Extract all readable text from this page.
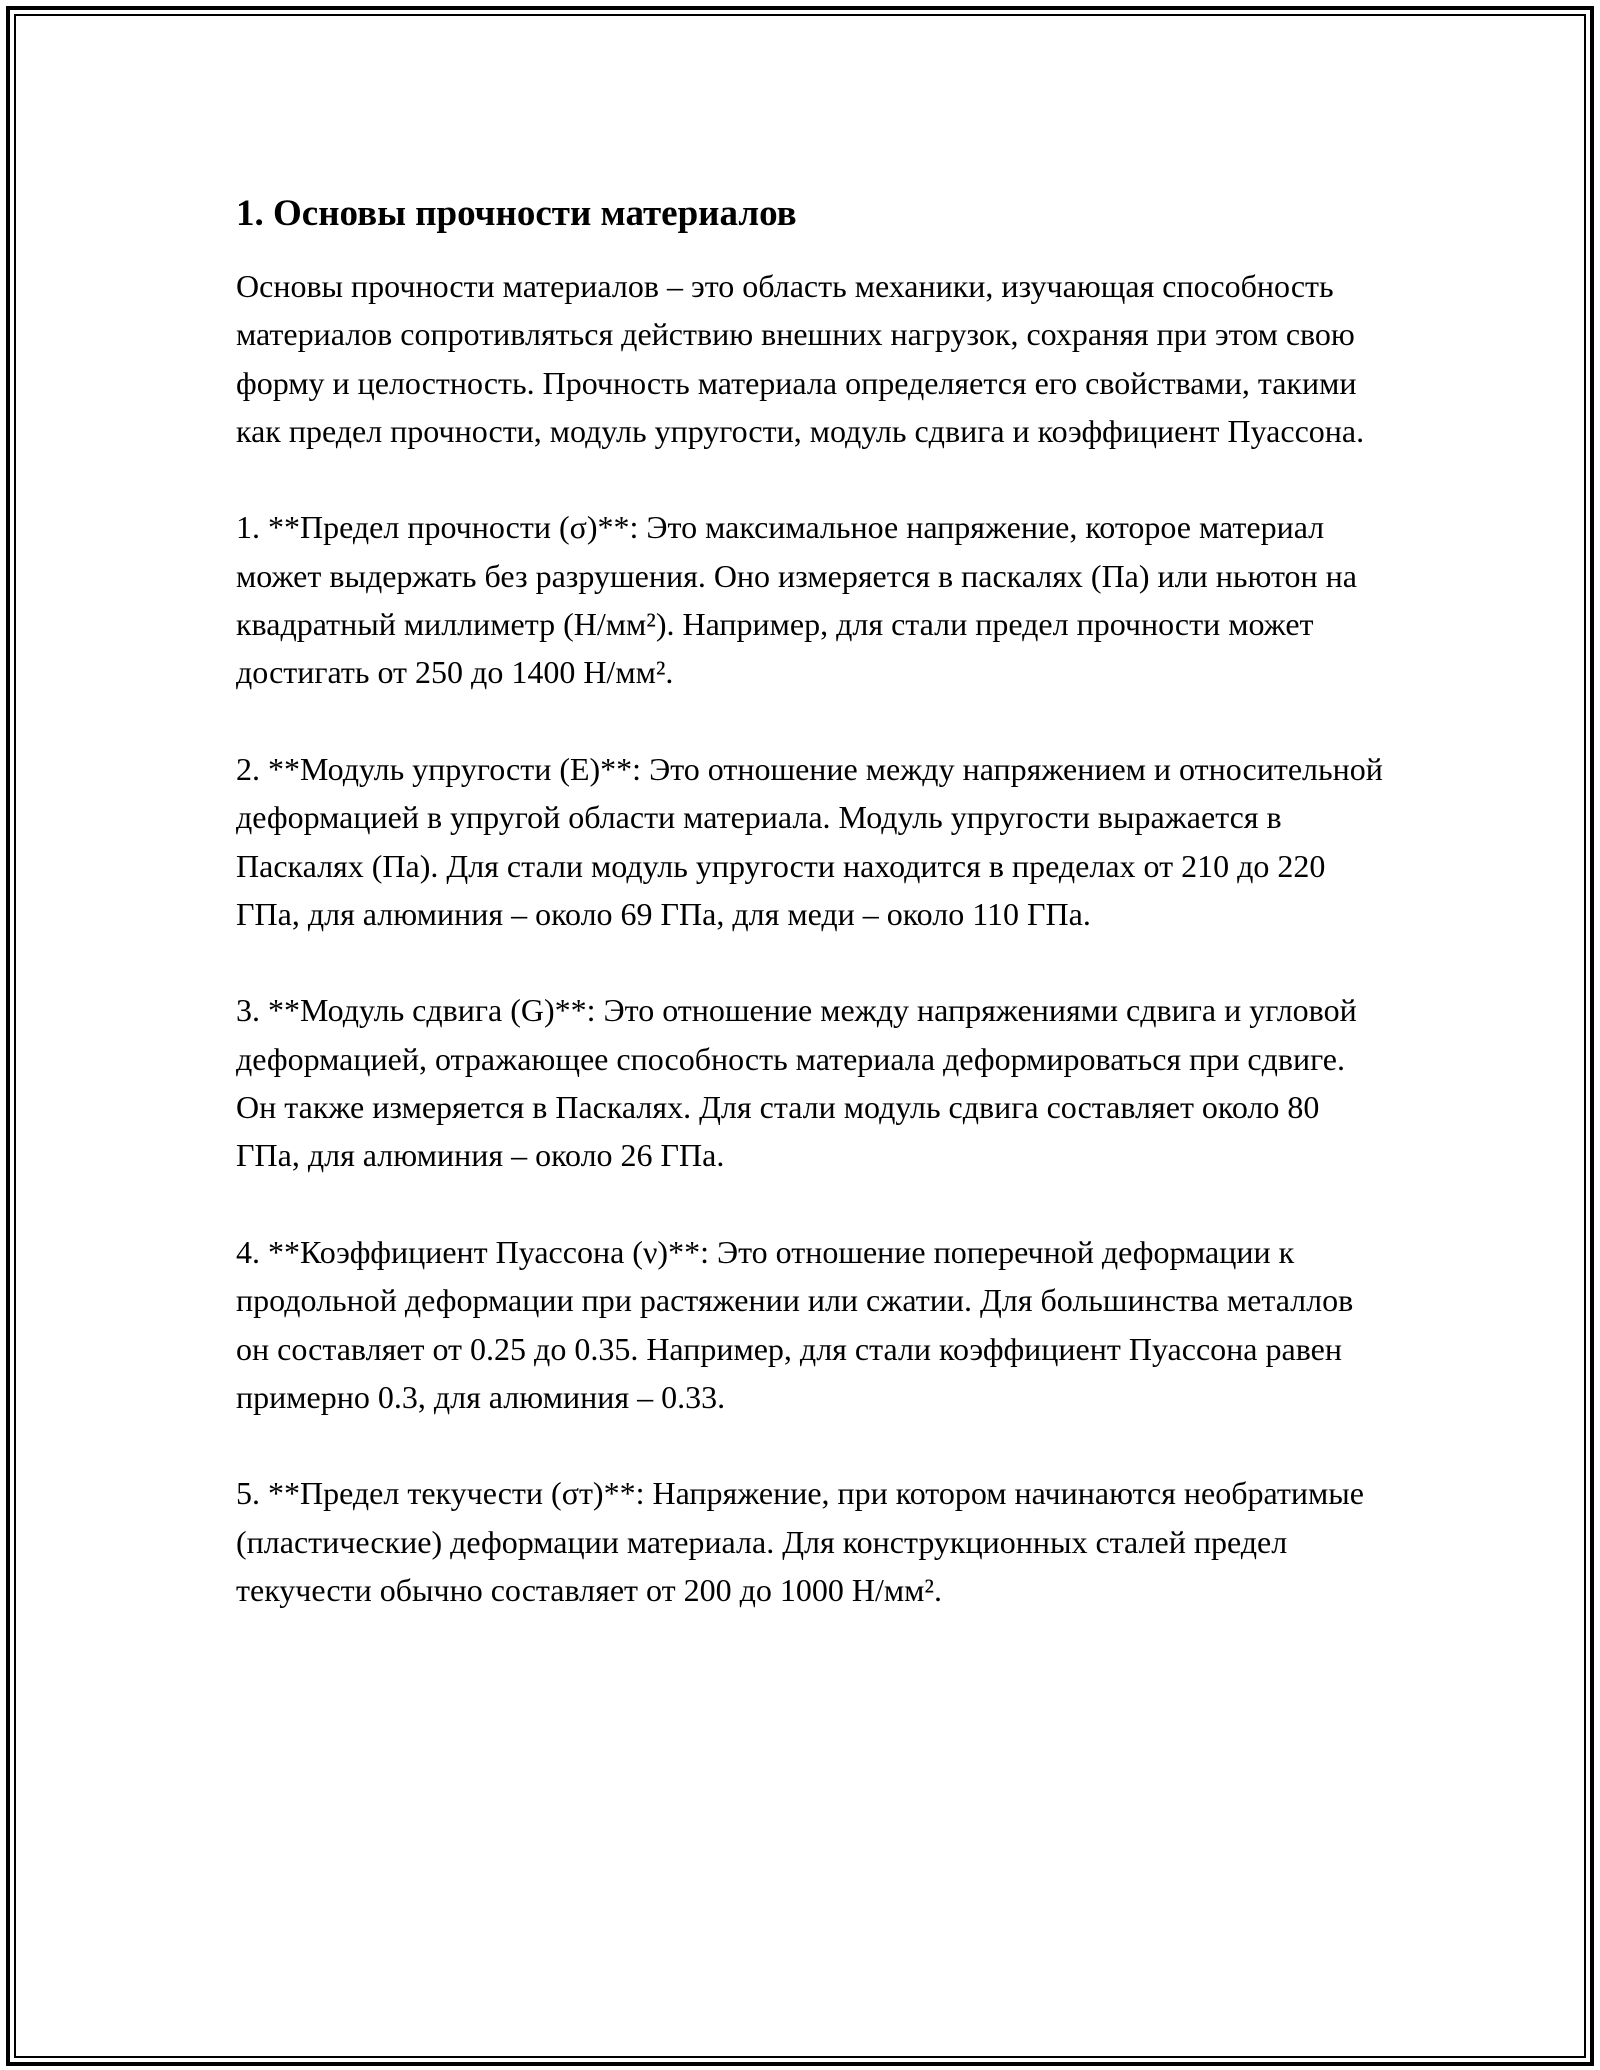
1. Основы прочности материалов

Основы прочности материалов – это область механики, изучающая способность материалов сопротивляться действию внешних нагрузок, сохраняя при этом свою форму и целостность. Прочность материала определяется его свойствами, такими как предел прочности, модуль упругости, модуль сдвига и коэффициент Пуассона.

1. **Предел прочности (σ)**: Это максимальное напряжение, которое материал может выдержать без разрушения. Оно измеряется в паскалях (Па) или ньютон на квадратный миллиметр (Н/мм²). Например, для стали предел прочности может достигать от 250 до 1400 Н/мм².

2. **Модуль упругости (E)**: Это отношение между напряжением и относительной деформацией в упругой области материала. Модуль упругости выражается в Паскалях (Па). Для стали модуль упругости находится в пределах от 210 до 220 ГПа, для алюминия – около 69 ГПа, для меди – около 110 ГПа.

3. **Модуль сдвига (G)**: Это отношение между напряжениями сдвига и угловой деформацией, отражающее способность материала деформироваться при сдвиге. Он также измеряется в Паскалях. Для стали модуль сдвига составляет около 80 ГПа, для алюминия – около 26 ГПа.

4. **Коэффициент Пуассона (ν)**: Это отношение поперечной деформации к продольной деформации при растяжении или сжатии. Для большинства металлов он составляет от 0.25 до 0.35. Например, для стали коэффициент Пуассона равен примерно 0.3, для алюминия – 0.33.

5. **Предел текучести (σт)**: Напряжение, при котором начинаются необратимые (пластические) деформации материала. Для конструкционных сталей предел текучести обычно составляет от 200 до 1000 Н/мм².
